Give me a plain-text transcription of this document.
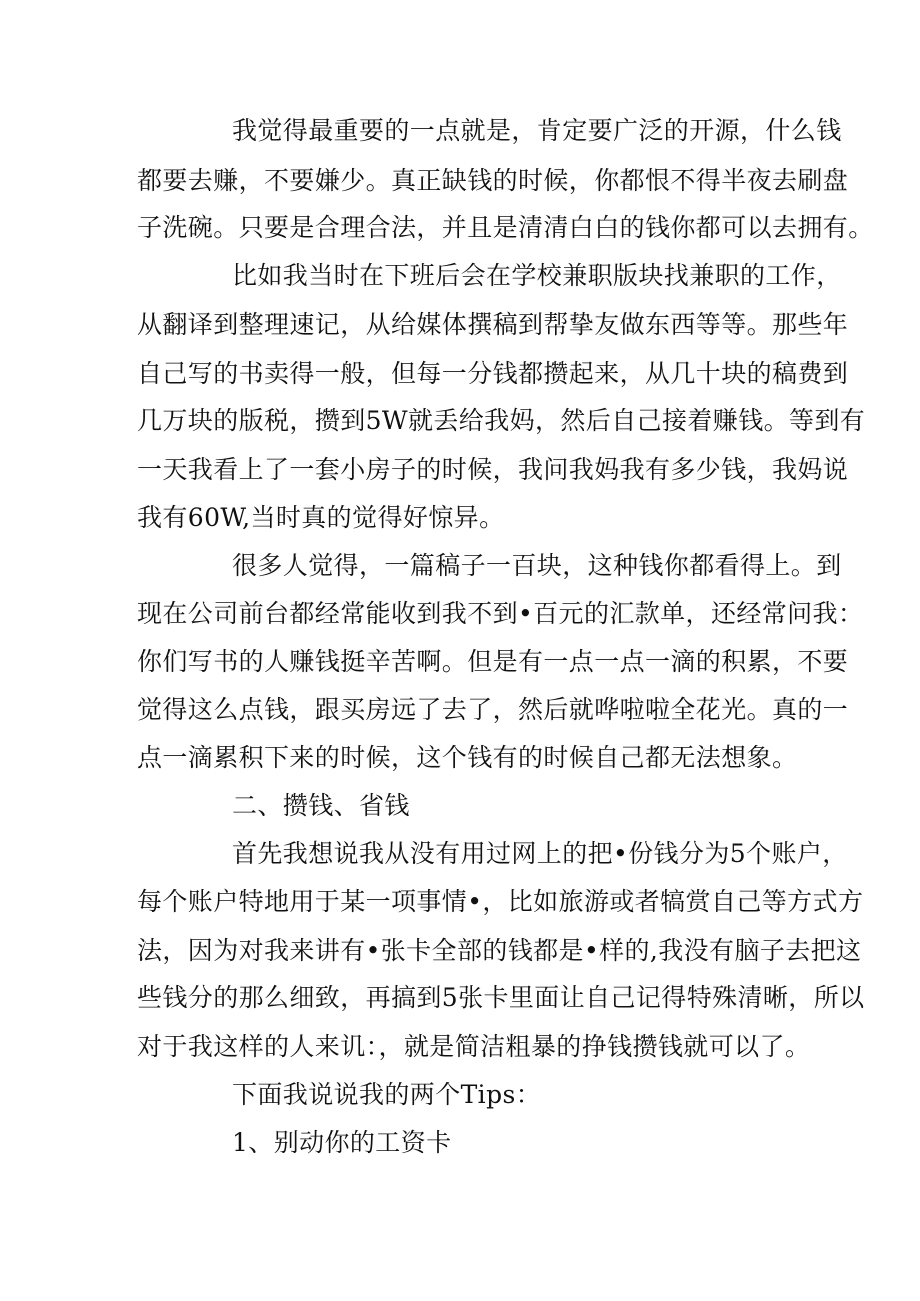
我觉得最重要的一点就是，肯定要广泛的开源，什么钱
都要去赚，不要嫌少。真正缺钱的时候，你都恨不得半夜去刷盘
子洗碗。只要是合理合法，并且是清清白白的钱你都可以去拥有。
比如我当时在下班后会在学校兼职版块找兼职的工作，
从翻译到整理速记，从给媒体撰稿到帮挚友做东西等等。那些年
自己写的书卖得一般，但每一分钱都攒起来，从几十块的稿费到
几万块的版税，攒到5W就丢给我妈，然后自己接着赚钱。等到有
一天我看上了一套小房子的时候，我问我妈我有多少钱，我妈说
我有60W,当时真的觉得好惊异。
很多人觉得，一篇稿子一百块，这种钱你都看得上。到
现在公司前台都经常能收到我不到•百元的汇款单，还经常问我：
你们写书的人赚钱挺辛苦啊。但是有一点一点一滴的积累，不要
觉得这么点钱，跟买房远了去了，然后就哗啦啦全花光。真的一
点一滴累积下来的时候，这个钱有的时候自己都无法想象。
二、攒钱、省钱
首先我想说我从没有用过网上的把•份钱分为5个账户，
每个账户特地用于某一项事情•，比如旅游或者犒赏自己等方式方
法，因为对我来讲有•张卡全部的钱都是•样的,我没有脑子去把这
些钱分的那么细致，再搞到5张卡里面让自己记得特殊清晰，所以
对于我这样的人来讥：，就是简洁粗暴的挣钱攒钱就可以了。
下面我说说我的两个Tips：
1、别动你的工资卡
